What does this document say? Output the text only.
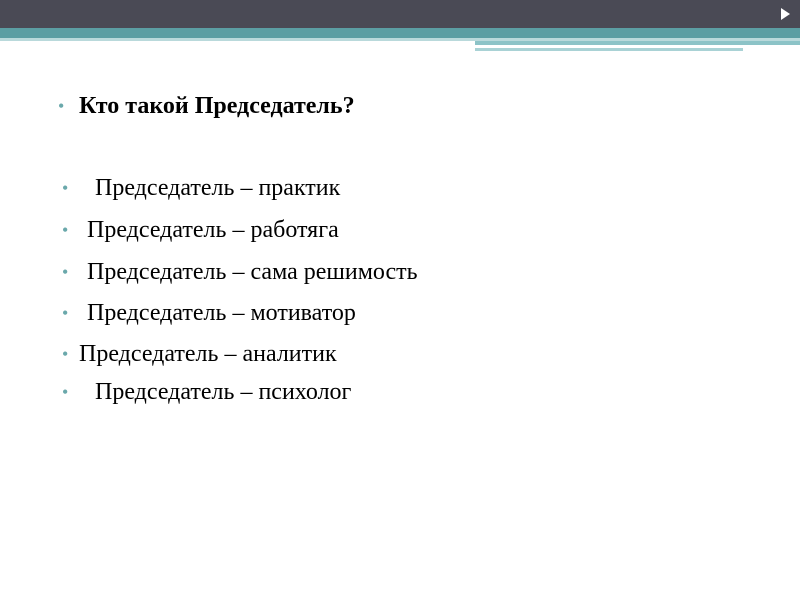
• Кто такой Председатель?
• Председатель – практик
• Председатель – работяга
• Председатель – сама решимость
• Председатель – мотиватор
• Председатель – аналитик
• Председатель – психолог
